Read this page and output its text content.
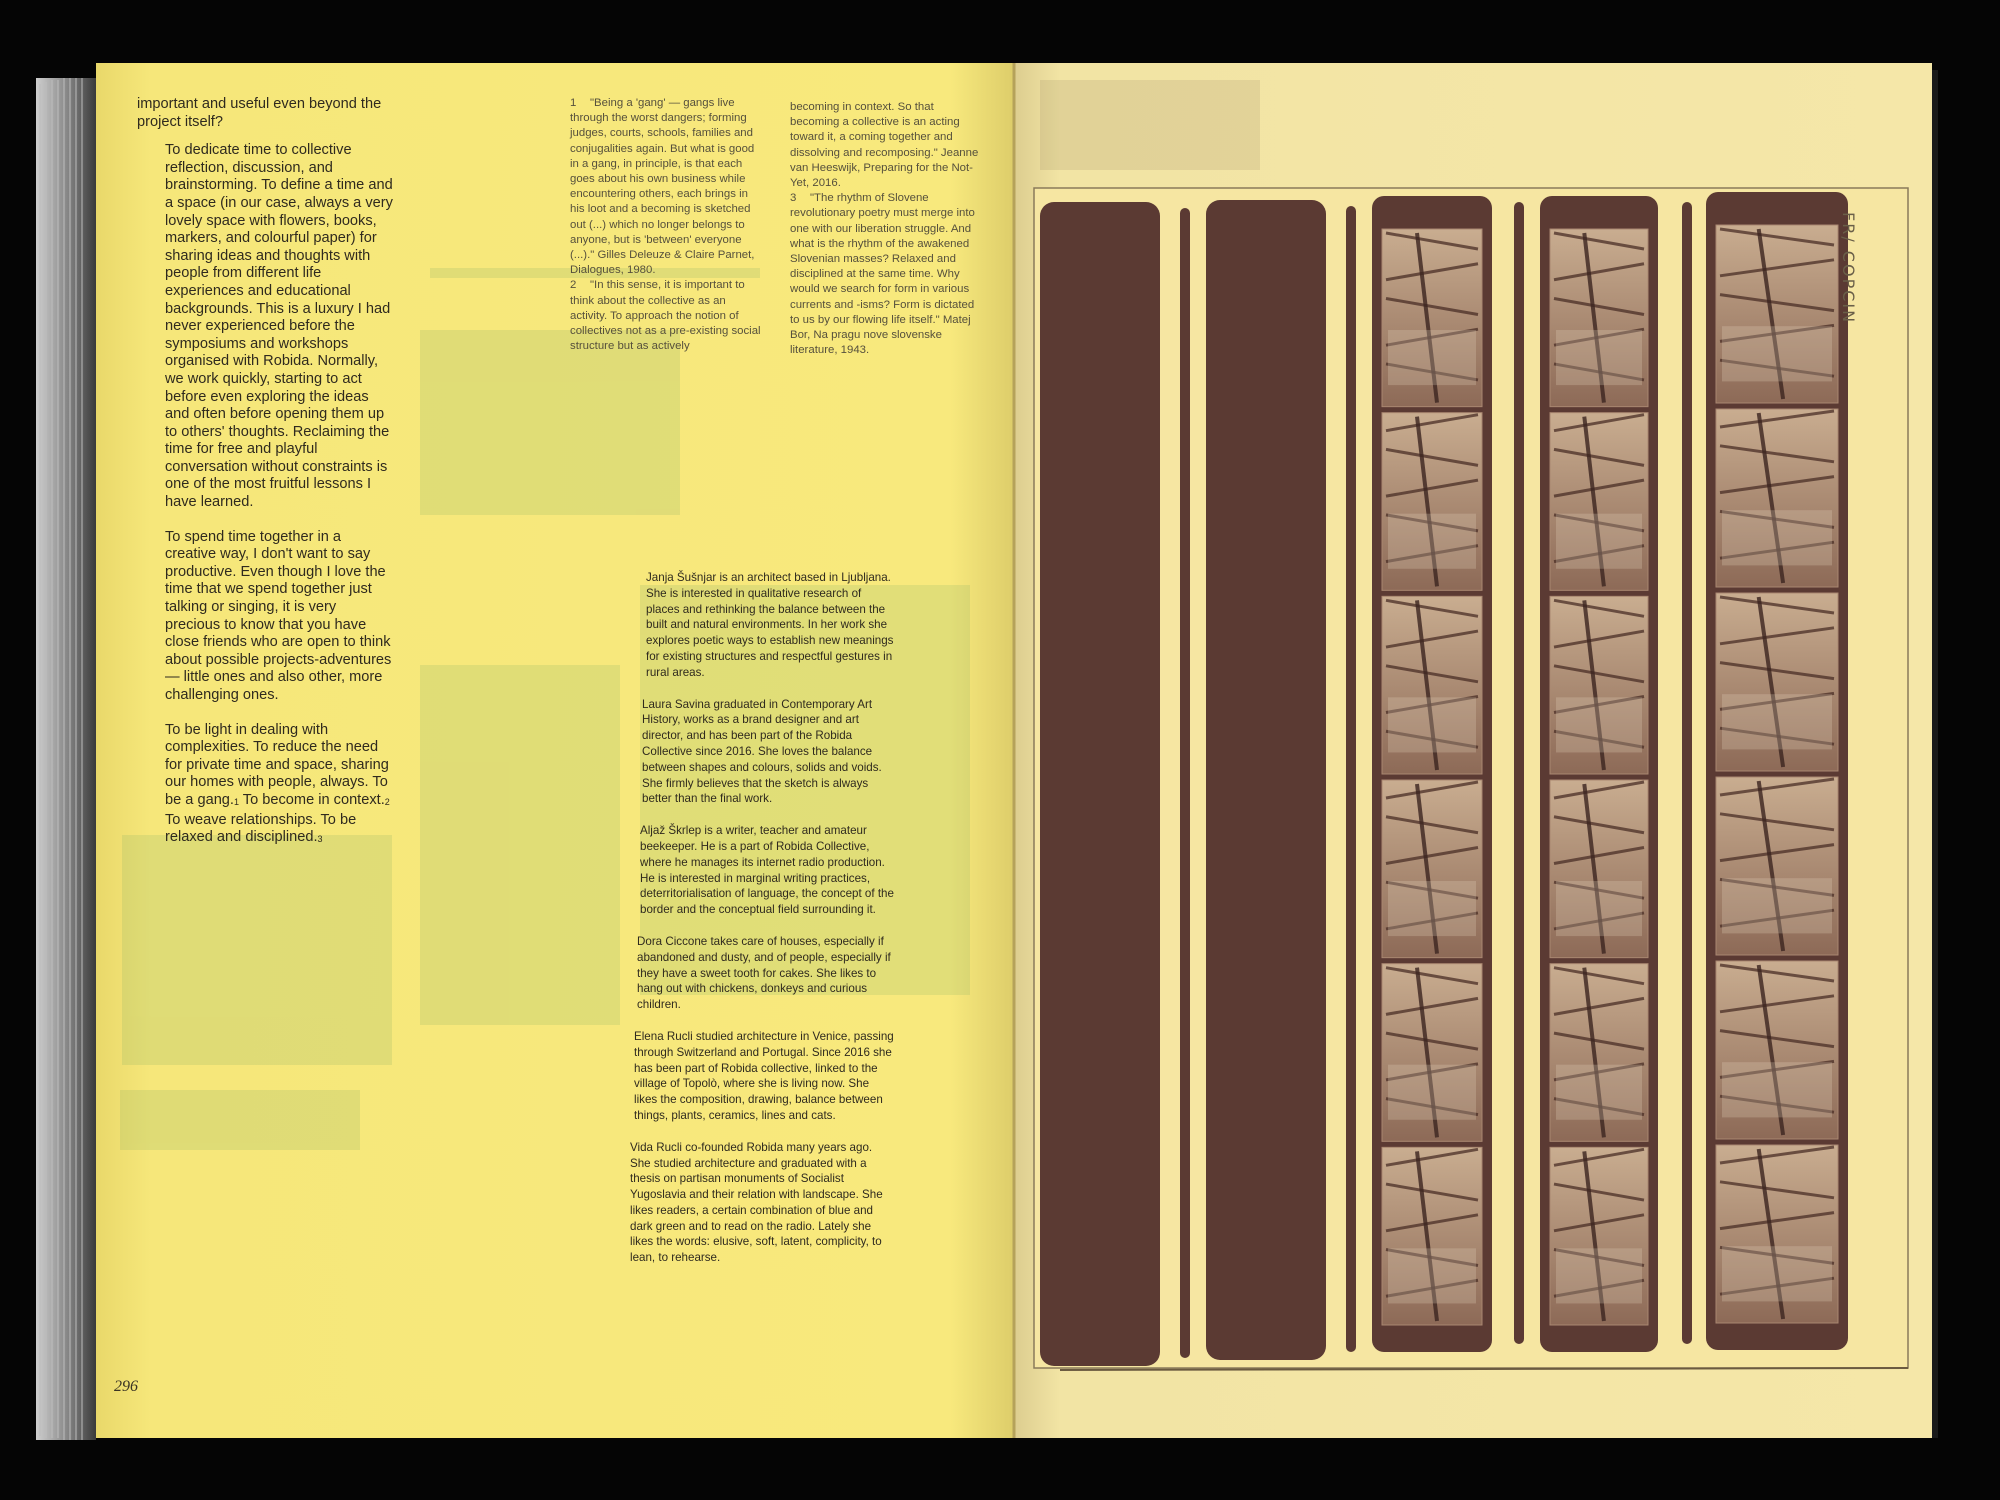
296
FR/ COPCIN

important and useful even beyond the project itself?

To dedicate time to collective reflection, discussion, and brainstorming. To define a time and a space (in our case, always a very lovely space with flowers, books, markers, and colourful paper) for sharing ideas and thoughts with people from different life experiences and educational backgrounds. This is a luxury I had never experienced before the symposiums and workshops organised with Robida. Normally, we work quickly, starting to act before even exploring the ideas and often before opening them up to others' thoughts. Reclaiming the time for free and playful conversation without constraints is one of the most fruitful lessons I have learned.

To spend time together in a creative way, I don't want to say productive. Even though I love the time that we spend together just talking or singing, it is very precious to know that you have close friends who are open to think about possible projects-adventures — little ones and also other, more challenging ones.

To be light in dealing with complexities. To reduce the need for private time and space, sharing our homes with people, always. To be a gang.1 To become in context.2 To weave relationships. To be relaxed and disciplined.3

1 "Being a 'gang' — gangs live through the worst dangers; forming judges, courts, schools, families and conjugalities again. But what is good in a gang, in principle, is that each goes about his own business while encountering others, each brings in his loot and a becoming is sketched out (...) which no longer belongs to anyone, but is 'between' everyone (...)." Gilles Deleuze & Claire Parnet, Dialogues, 1980.

2 "In this sense, it is important to think about the collective as an activity. To approach the notion of collectives not as a pre-existing social structure but as actively

becoming in context. So that becoming a collective is an acting toward it, a coming together and dissolving and recomposing." Jeanne van Heeswijk, Preparing for the Not-Yet, 2016.

3 "The rhythm of Slovene revolutionary poetry must merge into one with our liberation struggle. And what is the rhythm of the awakened Slovenian masses? Relaxed and disciplined at the same time. Why would we search for form in various currents and -isms? Form is dictated to us by our flowing life itself." Matej Bor, Na pragu nove slovenske literature, 1943.

Janja Šušnjar is an architect based in Ljubljana. She is interested in qualitative research of places and rethinking the balance between the built and natural environments. In her work she explores poetic ways to establish new meanings for existing structures and respectful gestures in rural areas.

Laura Savina graduated in Contemporary Art History, works as a brand designer and art director, and has been part of the Robida Collective since 2016. She loves the balance between shapes and colours, solids and voids. She firmly believes that the sketch is always better than the final work.

Aljaž Škrlep is a writer, teacher and amateur beekeeper. He is a part of Robida Collective, where he manages its internet radio production. He is interested in marginal writing practices, deterritorialisation of language, the concept of the border and the conceptual field surrounding it.

Dora Ciccone takes care of houses, especially if abandoned and dusty, and of people, especially if they have a sweet tooth for cakes. She likes to hang out with chickens, donkeys and curious children.

Elena Rucli studied architecture in Venice, passing through Switzerland and Portugal. Since 2016 she has been part of Robida collective, linked to the village of Topolò, where she is living now. She likes the composition, drawing, balance between things, plants, ceramics, lines and cats.

Vida Rucli co-founded Robida many years ago. She studied architecture and graduated with a thesis on partisan monuments of Socialist Yugoslavia and their relation with landscape. She likes readers, a certain combination of blue and dark green and to read on the radio. Lately she likes the words: elusive, soft, latent, complicity, to lean, to rehearse.
